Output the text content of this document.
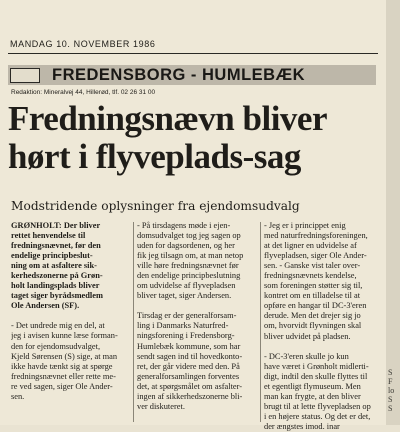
S
F
lo
S
S
MANDAG 10. NOVEMBER 1986
FREDENSBORG - HUMLEBÆK
Redaktion: Mineralvej 44, Hillerød, tlf. 02 26 31 00
Fredningsnævn bliver
hørt i flyveplads-sag
Modstridende oplysninger fra ejendomsudvalg

GRØNHOLT: Der bliver

rettet henvendelse til

fredningsnævnet, før den

endelige principbeslut-

ning om at asfaltere sik-

kerhedszonerne på Grøn-

holt landingsplads bliver

taget siger byrådsmedlem

Ole Andersen (SF).

- Det undrede mig en del, at
jeg i avisen kunne læse forman-
den for ejendomsudvalget,
Kjeld Sørensen (S) sige, at man
ikke havde tænkt sig at spørge
fredningsnævnet eller rette me-
re ved sagen, siger Ole Ander-
sen.
- På tirsdagens møde i ejen-
domsudvalget tog jeg sagen op
uden for dagsordenen, og her
fik jeg tilsagn om, at man netop
ville høre fredningsnævnet før
den endelige principbeslutning
om udvidelse af flyvepladsen
bliver taget, siger Andersen.
Tirsdag er der generalforsam-
ling i Danmarks Naturfred-
ningsforening i Fredensborg-
Humlebæk kommune, som har
sendt sagen ind til hovedkonto-
ret, der går videre med den. På
generalforsamlingen forventes
det, at spørgsmålet om asfalter-
ingen af sikkerhedszonerne bli-
ver diskuteret.
- Jeg er i princippet enig
med naturfredningsforeningen,
at det ligner en udvidelse af
flyvepladsen, siger Ole Ander-
sen. - Ganske vist taler over-
fredningsnævnets kendelse,
som foreningen støtter sig til,
kontret om en tilladelse til at
opføre en hangar til DC-3'eren
derude. Men det drejer sig jo
om, hvorvidt flyvningen skal
bliver udvidet på pladsen.
- DC-3'eren skulle jo kun
have været i Grønholt midlerti-
digt, indtil den skulle flyttes til
et egentligt flymuseum. Men
man kan frygte, at den bliver
brugt til at lette flyvepladsen op
i en højere status. Og det er det,
der ængstes imod. inar
